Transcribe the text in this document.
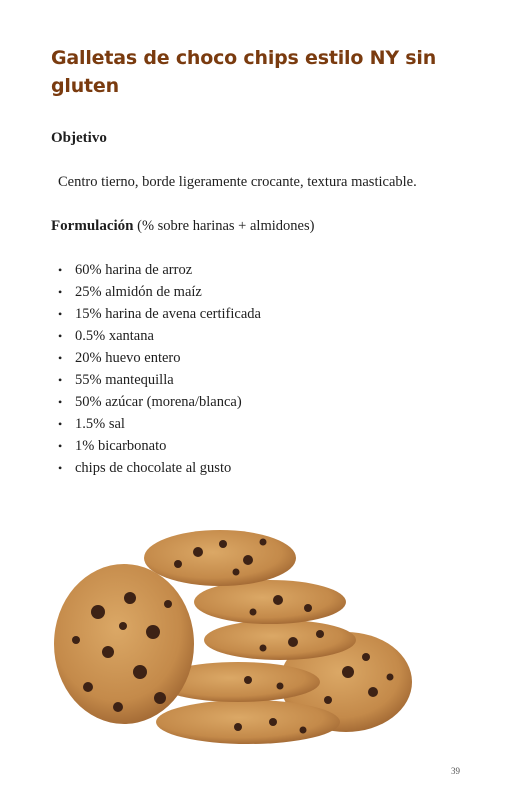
Galletas de choco chips estilo NY sin gluten
Objetivo

Centro tierno, borde ligeramente crocante, textura masticable.

Formulación (% sobre harinas + almidones)

• 60% harina de arroz
• 25% almidón de maíz
• 15% harina de avena certificada
• 0.5% xantana
• 20% huevo entero
• 55% mantequilla
• 50% azúcar (morena/blanca)
• 1.5% sal
• 1% bicarbonato
• chips de chocolate al gusto
39
